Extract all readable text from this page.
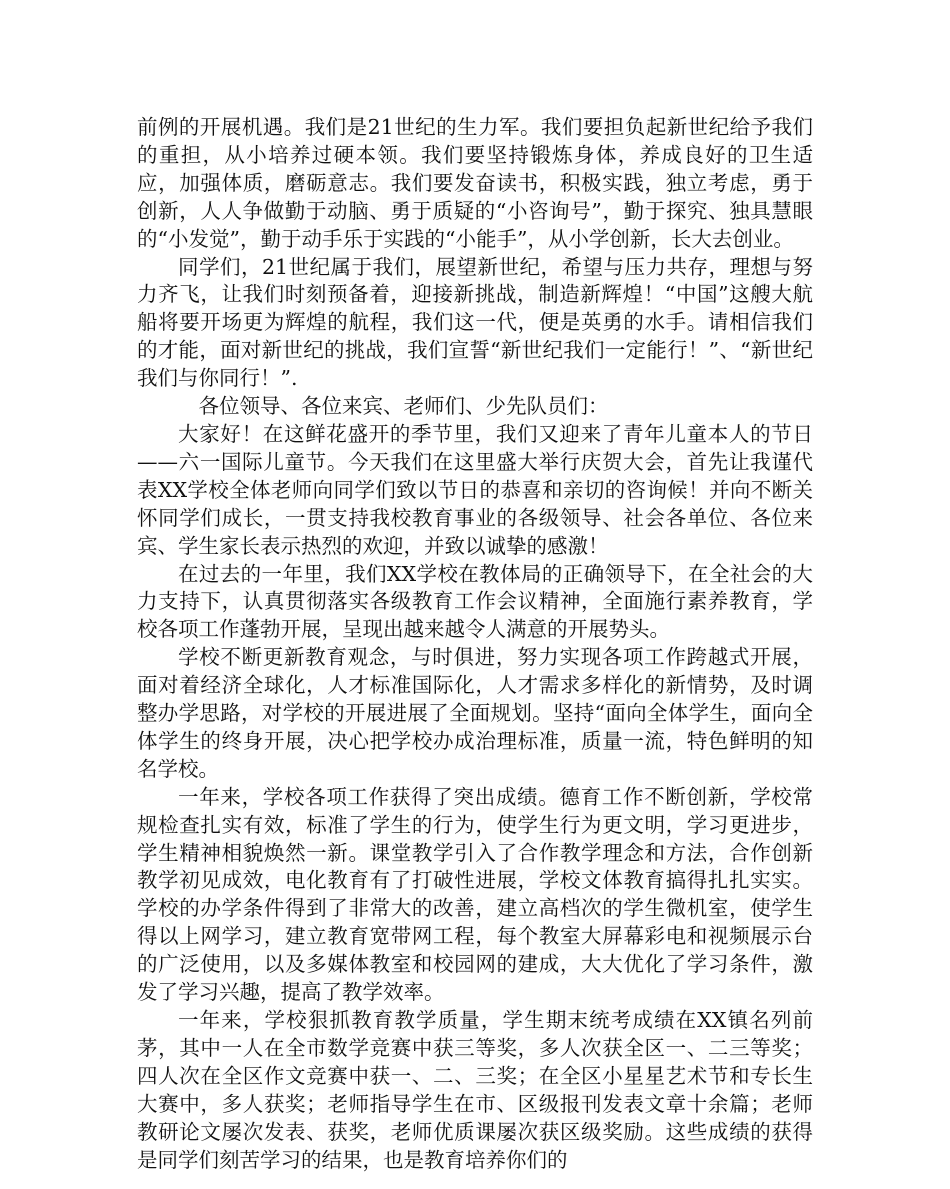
前例的开展机遇。我们是21世纪的生力军。我们要担负起新世纪给予我们的重担，从小培养过硬本领。我们要坚持锻炼身体，养成良好的卫生适应，加强体质，磨砺意志。我们要发奋读书，积极实践，独立考虑，勇于创新，人人争做勤于动脑、勇于质疑的“小咨询号”，勤于探究、独具慧眼的“小发觉”，勤于动手乐于实践的“小能手”，从小学创新，长大去创业。

同学们，21世纪属于我们，展望新世纪，希望与压力共存，理想与努力齐飞，让我们时刻预备着，迎接新挑战，制造新辉煌！“中国”这艘大航船将要开场更为辉煌的航程，我们这一代，便是英勇的水手。请相信我们的才能，面对新世纪的挑战，我们宣誓“新世纪我们一定能行！”、“新世纪我们与你同行！”.

各位领导、各位来宾、老师们、少先队员们：

大家好！在这鲜花盛开的季节里，我们又迎来了青年儿童本人的节日——六一国际儿童节。今天我们在这里盛大举行庆贺大会，首先让我谨代表XX学校全体老师向同学们致以节日的恭喜和亲切的咨询候！并向不断关怀同学们成长，一贯支持我校教育事业的各级领导、社会各单位、各位来宾、学生家长表示热烈的欢迎，并致以诚挚的感激！

在过去的一年里，我们XX学校在教体局的正确领导下，在全社会的大力支持下，认真贯彻落实各级教育工作会议精神，全面施行素养教育，学校各项工作蓬勃开展，呈现出越来越令人满意的开展势头。

学校不断更新教育观念，与时俱进，努力实现各项工作跨越式开展，面对着经济全球化，人才标准国际化，人才需求多样化的新情势，及时调整办学思路，对学校的开展进展了全面规划。坚持“面向全体学生，面向全体学生的终身开展，决心把学校办成治理标准，质量一流，特色鲜明的知名学校。

一年来，学校各项工作获得了突出成绩。德育工作不断创新，学校常规检查扎实有效，标准了学生的行为，使学生行为更文明，学习更进步，学生精神相貌焕然一新。课堂教学引入了合作教学理念和方法，合作创新教学初见成效，电化教育有了打破性进展，学校文体教育搞得扎扎实实。学校的办学条件得到了非常大的改善，建立高档次的学生微机室，使学生得以上网学习，建立教育宽带网工程，每个教室大屏幕彩电和视频展示台的广泛使用，以及多媒体教室和校园网的建成，大大优化了学习条件，激发了学习兴趣，提高了教学效率。

一年来，学校狠抓教育教学质量，学生期末统考成绩在XX镇名列前茅，其中一人在全市数学竞赛中获三等奖，多人次获全区一、二三等奖；四人次在全区作文竞赛中获一、二、三奖；在全区小星星艺术节和专长生大赛中，多人获奖；老师指导学生在市、区级报刊发表文章十余篇；老师教研论文屡次发表、获奖，老师优质课屡次获区级奖励。这些成绩的获得是同学们刻苦学习的结果，也是教育培养你们的
